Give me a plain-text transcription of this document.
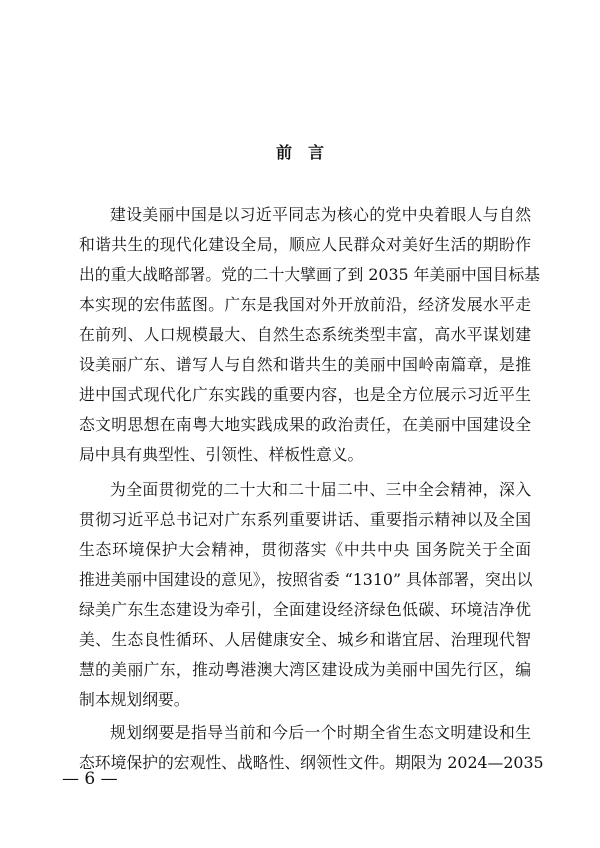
前言
建设美丽中国是以习近平同志为核心的党中央着眼人与自然
和谐共生的现代化建设全局，顺应人民群众对美好生活的期盼作
出的重大战略部署。党的二十大擘画了到 2035 年美丽中国目标基
本实现的宏伟蓝图。广东是我国对外开放前沿，经济发展水平走
在前列、人口规模最大、自然生态系统类型丰富，高水平谋划建
设美丽广东、谱写人与自然和谐共生的美丽中国岭南篇章，是推
进中国式现代化广东实践的重要内容，也是全方位展示习近平生
态文明思想在南粤大地实践成果的政治责任，在美丽中国建设全
局中具有典型性、引领性、样板性意义。
为全面贯彻党的二十大和二十届二中、三中全会精神，深入
贯彻习近平总书记对广东系列重要讲话、重要指示精神以及全国
生态环境保护大会精神，贯彻落实《中共中央 国务院关于全面
推进美丽中国建设的意见》，按照省委 “1310” 具体部署，突出以
绿美广东生态建设为牵引，全面建设经济绿色低碳、环境洁净优
美、生态良性循环、人居健康安全、城乡和谐宜居、治理现代智
慧的美丽广东，推动粤港澳大湾区建设成为美丽中国先行区，编
制本规划纲要。
规划纲要是指导当前和今后一个时期全省生态文明建设和生
态环境保护的宏观性、战略性、纲领性文件。期限为 2024—2035
— 6 —
